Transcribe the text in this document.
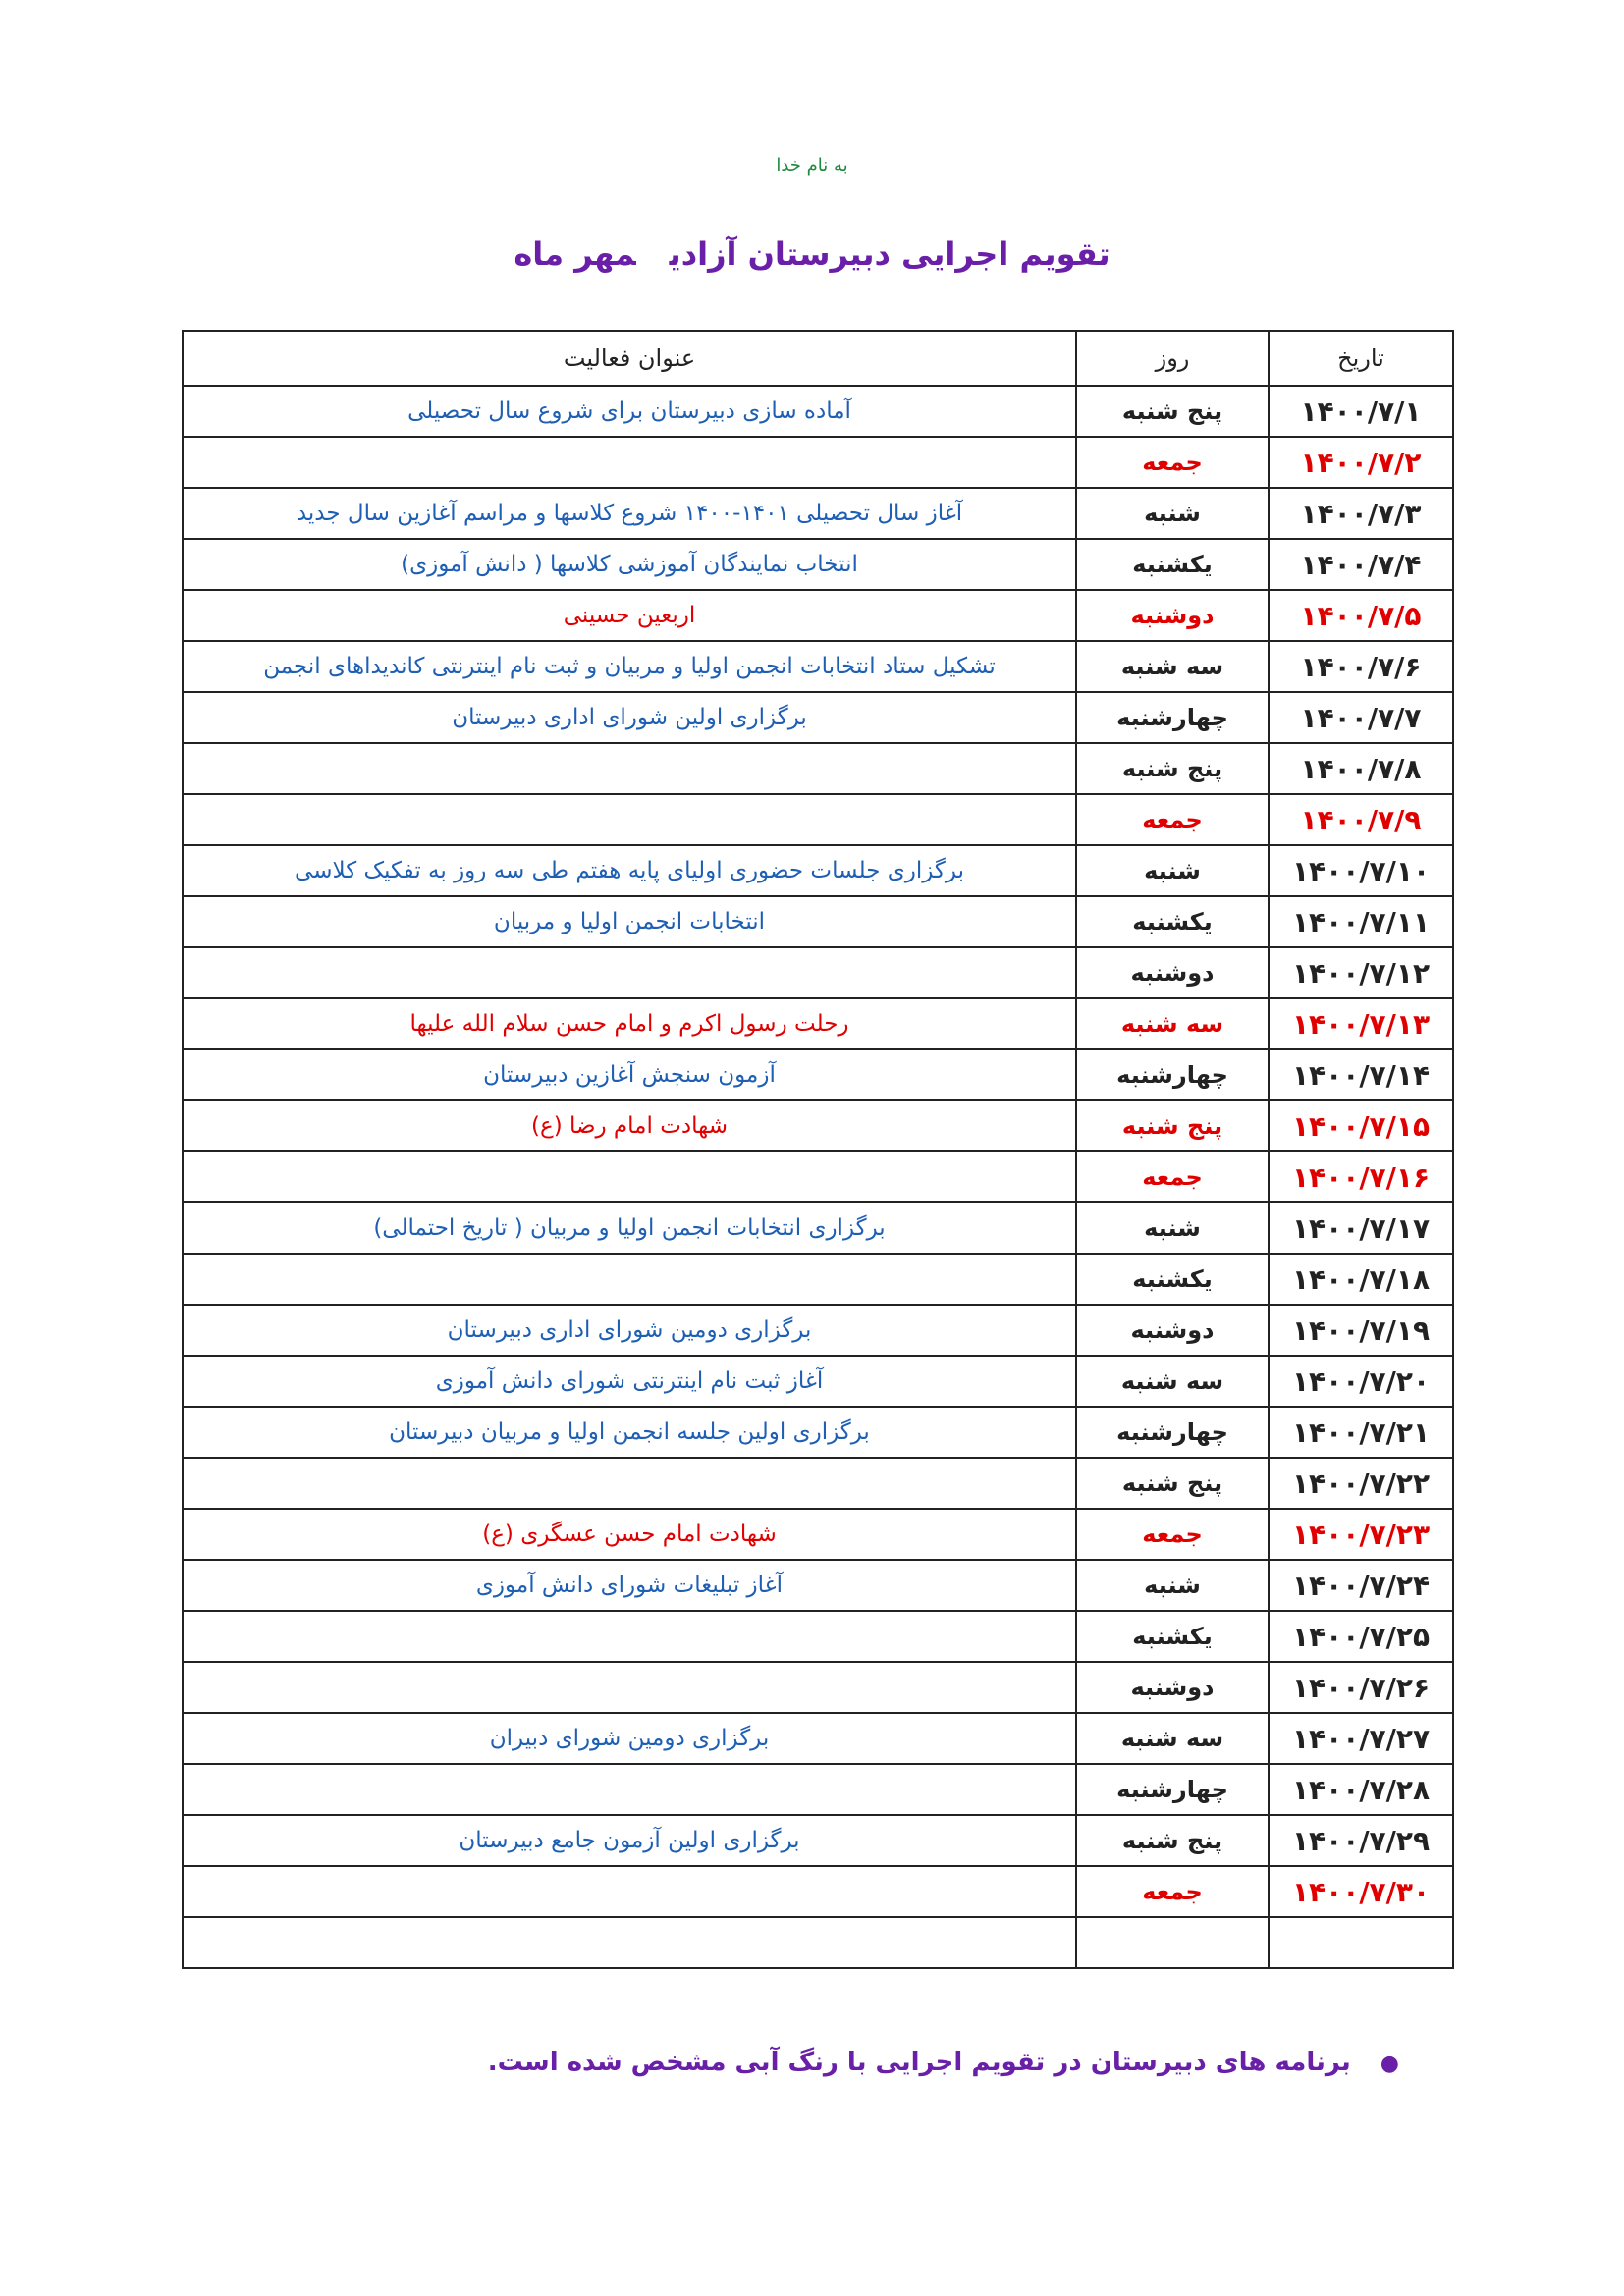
به نام خدا
تقویم اجرایی دبیرستان آزادیمهر ماه
تاریخ	روز	عنوان فعالیت
۱۴۰۰/۷/۱	پنج شنبه	آماده سازی دبیرستان برای شروع سال تحصیلی
۱۴۰۰/۷/۲	جمعه	
۱۴۰۰/۷/۳	شنبه	آغاز سال تحصیلی ۱۴۰۱-۱۴۰۰ شروع کلاسها و مراسم آغازین سال جدید
۱۴۰۰/۷/۴	یکشنبه	انتخاب نمایندگان آموزشی کلاسها ( دانش آموزی)
۱۴۰۰/۷/۵	دوشنبه	اربعین حسینی
۱۴۰۰/۷/۶	سه شنبه	تشکیل ستاد انتخابات انجمن اولیا و مربیان و ثبت نام اینترنتی کاندیداهای انجمن
۱۴۰۰/۷/۷	چهارشنبه	برگزاری اولین شورای اداری دبیرستان
۱۴۰۰/۷/۸	پنج شنبه	
۱۴۰۰/۷/۹	جمعه	
۱۴۰۰/۷/۱۰	شنبه	برگزاری جلسات حضوری اولیای پایه هفتم طی سه روز به تفکیک کلاسی
۱۴۰۰/۷/۱۱	یکشنبه	انتخابات انجمن اولیا و مربیان
۱۴۰۰/۷/۱۲	دوشنبه	
۱۴۰۰/۷/۱۳	سه شنبه	رحلت رسول اکرم و امام حسن سلام الله علیها
۱۴۰۰/۷/۱۴	چهارشنبه	آزمون سنجش آغازین دبیرستان
۱۴۰۰/۷/۱۵	پنج شنبه	شهادت امام رضا (ع)
۱۴۰۰/۷/۱۶	جمعه	
۱۴۰۰/۷/۱۷	شنبه	برگزاری انتخابات انجمن اولیا و مربیان ( تاریخ احتمالی)
۱۴۰۰/۷/۱۸	یکشنبه	
۱۴۰۰/۷/۱۹	دوشنبه	برگزاری دومین شورای اداری دبیرستان
۱۴۰۰/۷/۲۰	سه شنبه	آغاز ثبت نام اینترنتی شورای دانش آموزی
۱۴۰۰/۷/۲۱	چهارشنبه	برگزاری اولین جلسه انجمن اولیا و مربیان دبیرستان
۱۴۰۰/۷/۲۲	پنج شنبه	
۱۴۰۰/۷/۲۳	جمعه	شهادت امام حسن عسگری (ع)
۱۴۰۰/۷/۲۴	شنبه	آغاز تبلیغات شورای دانش آموزی
۱۴۰۰/۷/۲۵	یکشنبه	
۱۴۰۰/۷/۲۶	دوشنبه	
۱۴۰۰/۷/۲۷	سه شنبه	برگزاری دومین شورای دبیران
۱۴۰۰/۷/۲۸	چهارشنبه	
۱۴۰۰/۷/۲۹	پنج شنبه	برگزاری اولین آزمون جامع دبیرستان
۱۴۰۰/۷/۳۰	جمعه	

●برنامه های دبیرستان در تقویم اجرایی با رنگ آبی مشخص شده است.
